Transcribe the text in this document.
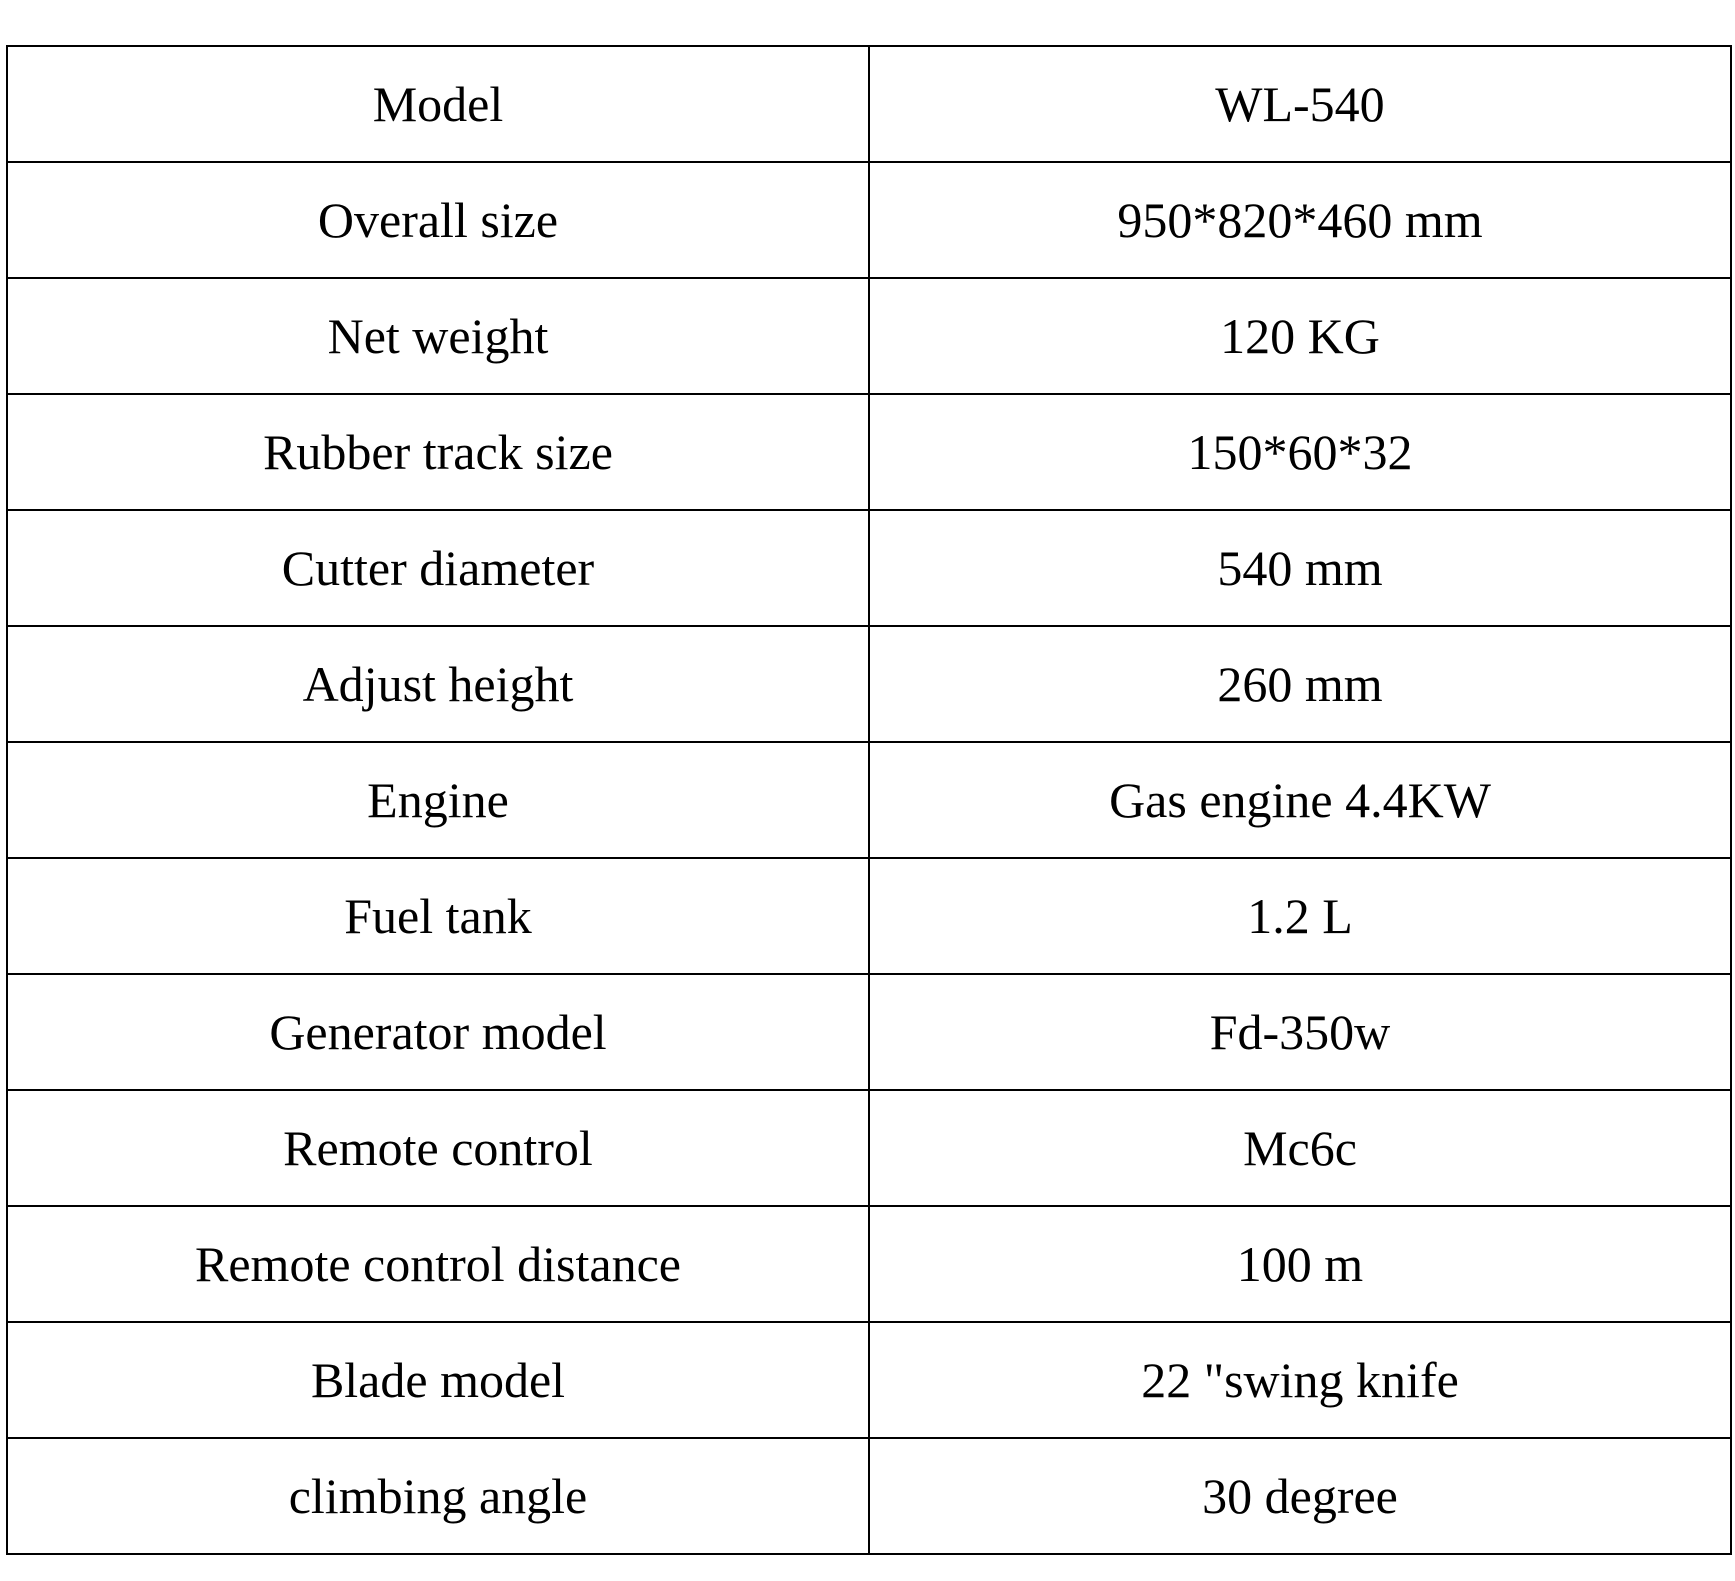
Model	WL-540
Overall size	950*820*460 mm
Net weight	120 KG
Rubber track size	150*60*32
Cutter diameter	540 mm
Adjust height	260 mm
Engine	Gas engine 4.4KW
Fuel tank	1.2 L
Generator model	Fd-350w
Remote control	Mc6c
Remote control distance	100 m
Blade model	22 "swing knife
climbing angle	30 degree
